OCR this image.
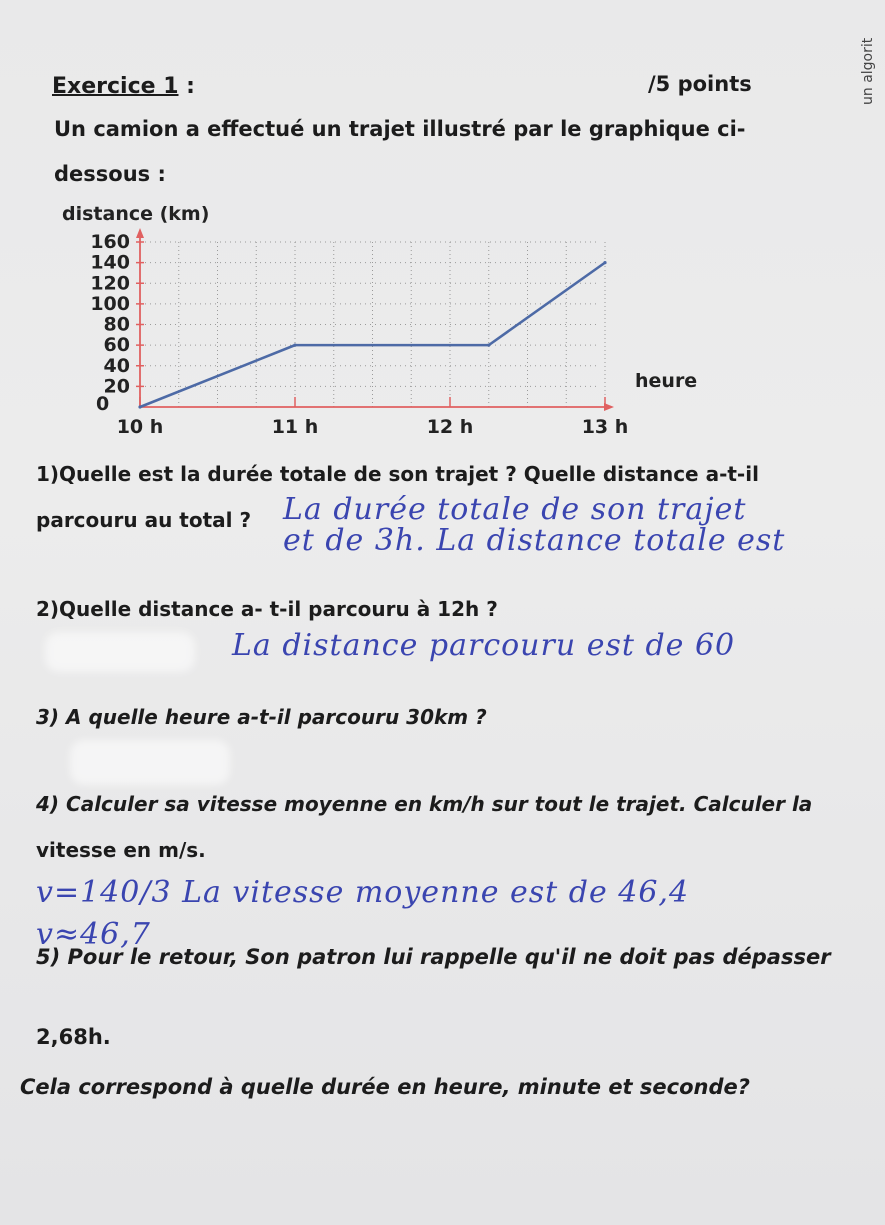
Exercice 1 :	/5 points	un algorit
Un camion a effectué un trajet illustré par le graphique ci-
dessous :
distance (km)
heure
160
140
120
100
80
60
40
20
0
10 h	11 h	12 h	13 h
1)Quelle est la durée totale de son trajet ? Quelle distance a-t-il
parcouru au total ? La durée totale de son trajet
et de 3h. La distance totale est
2)Quelle distance a- t-il parcouru à 12h ?
La distance parcouru est de 60
3) A quelle heure a-t-il parcouru 30km ?
4) Calculer sa vitesse moyenne en km/h sur tout le trajet. Calculer la
vitesse en m/s.
v=140/3 La vitesse moyenne est de 46,4
v≈46,7
5) Pour le retour, Son patron lui rappelle qu'il ne doit pas dépasser
2,68h.
Cela correspond à quelle durée en heure, minute et seconde?
